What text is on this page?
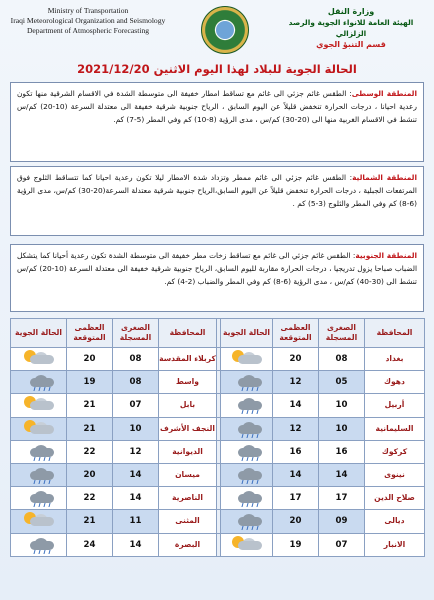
Ministry of Transportation
Iraqi Meteorological Organization and Seismology
Department of Atmospheric Forecasting
وزارة النقل
الهيئة العامة للانواء الجوية والرصد الزلزالي
قسم التنبؤ الجوي
الحالة الجوية للبلاد لهذا اليوم الاثنين 2021/12/20
المنطقة الوسطى: الطقس غائم جزئي الى غائم مع تساقط امطار خفيفة الى متوسطة الشدة في الاقسام الشرقية منها تكون رعدية احيانا ، درجات الحرارة تنخفض قليلاً عن اليوم السابق ، الرياح جنوبية شرقية خفيفة الى معتدلة السرعة (10-20) كم/س تنشط في الاقسام الغربية منها الى (20-30) كم/س ، مدى الرؤية (8-10) كم وفي المطر (5-7) كم.
المنطقة الشمالية: الطقس غائم جزئي الى غائم ممطر وتزداد شدة الامطار ليلا تكون رعدية احيانا كما تتساقط الثلوج فوق المرتفعات الجبلية ، درجات الحرارة تنخفض قليلاً عن اليوم السابق،الرياح جنوبية شرقية معتدلة السرعة(20-30) كم/س، مدى الرؤية (6-8) كم وفي المطر والثلوج (3-5) كم .
المنطقة الجنوبية: الطقس غائم جزئي الى غائم مع تساقط زخات مطر خفيفة الى متوسطة الشدة تكون رعدية أحيانا كما يتشكل الضباب صباحا يزول تدريجيا ، درجات الحرارة مقاربة لليوم السابق، الرياح جنوبية شرقية خفيفة الى معتدلة السرعة (10-20) كم/س تنشط الى (30-40) كم/س ، مدى الرؤية (6-8) كم وفي المطر والضباب (2-4) كم.
المحافظة	الصغرى المسجلة	العظمى المتوقعة	الحالة الجوية		المحافظة	الصغرى المسجلة	العظمى المتوقعة	الحالة الجوية
بغداد	08	20			كربلاء المقدسة	08	20	

دهوك	05	12			واسط	08	19	

أربيل	10	14			بابل	07	21	

السليمانية	10	12			النجف الأشرف	10	21	

كركوك	16	16			الديوانية	12	22	

نينوى	14	14			ميسان	14	20	

صلاح الدين	17	17			الناصرية	14	22	

ديالى	09	20			المثنى	11	21	

الانبار	07	19			البصرة	14	24	
